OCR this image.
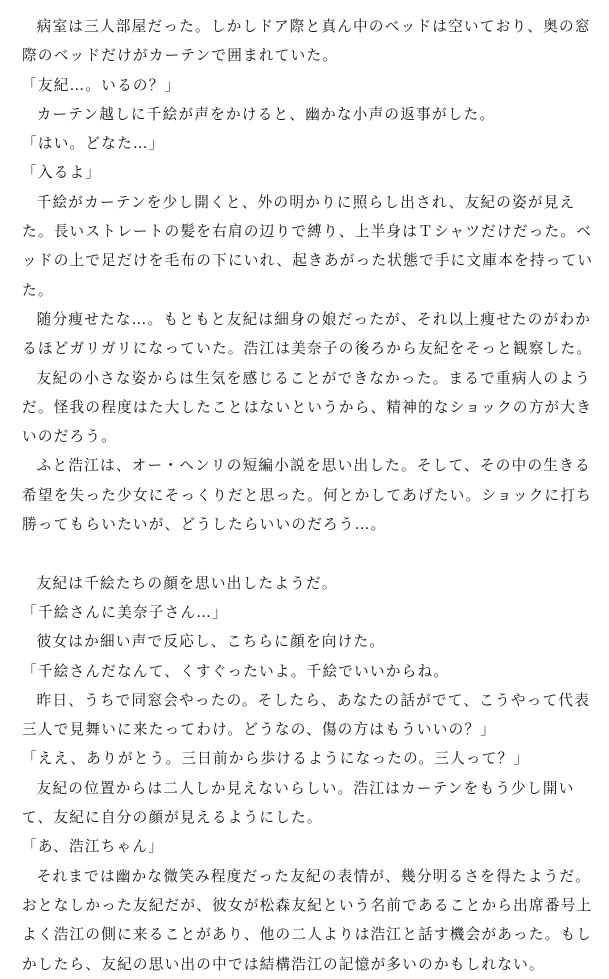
病室は三人部屋だった。しかしドア際と真ん中のベッドは空いており、奥の窓際のベッドだけがカーテンで囲まれていた。

「友紀…。いるの？」

カーテン越しに千絵が声をかけると、幽かな小声の返事がした。

「はい。どなた…」

「入るよ」

千絵がカーテンを少し開くと、外の明かりに照らし出され、友紀の姿が見えた。長いストレートの髪を右肩の辺りで縛り、上半身はＴシャツだけだった。ベッドの上で足だけを毛布の下にいれ、起きあがった状態で手に文庫本を持っていた。

随分痩せたな…。もともと友紀は細身の娘だったが、それ以上痩せたのがわかるほどガリガリになっていた。浩江は美奈子の後ろから友紀をそっと観察した。

友紀の小さな姿からは生気を感じることができなかった。まるで重病人のようだ。怪我の程度はた大したことはないというから、精神的なショックの方が大きいのだろう。

ふと浩江は、オー・ヘンリの短編小説を思い出した。そして、その中の生きる希望を失った少女にそっくりだと思った。何とかしてあげたい。ショックに打ち勝ってもらいたいが、どうしたらいいのだろう…。

友紀は千絵たちの顔を思い出したようだ。

「千絵さんに美奈子さん…」

彼女はか細い声で反応し、こちらに顔を向けた。

「千絵さんだなんて、くすぐったいよ。千絵でいいからね。

昨日、うちで同窓会やったの。そしたら、あなたの話がでて、こうやって代表三人で見舞いに来たってわけ。どうなの、傷の方はもういいの？」

「ええ、ありがとう。三日前から歩けるようになったの。三人って？」

友紀の位置からは二人しか見えないらしい。浩江はカーテンをもう少し開いて、友紀に自分の顔が見えるようにした。

「あ、浩江ちゃん」

それまでは幽かな微笑み程度だった友紀の表情が、幾分明るさを得たようだ。おとなしかった友紀だが、彼女が松森友紀という名前であることから出席番号上よく浩江の側に来ることがあり、他の二人よりは浩江と話す機会があった。もしかしたら、友紀の思い出の中では結構浩江の記憶が多いのかもしれない。
